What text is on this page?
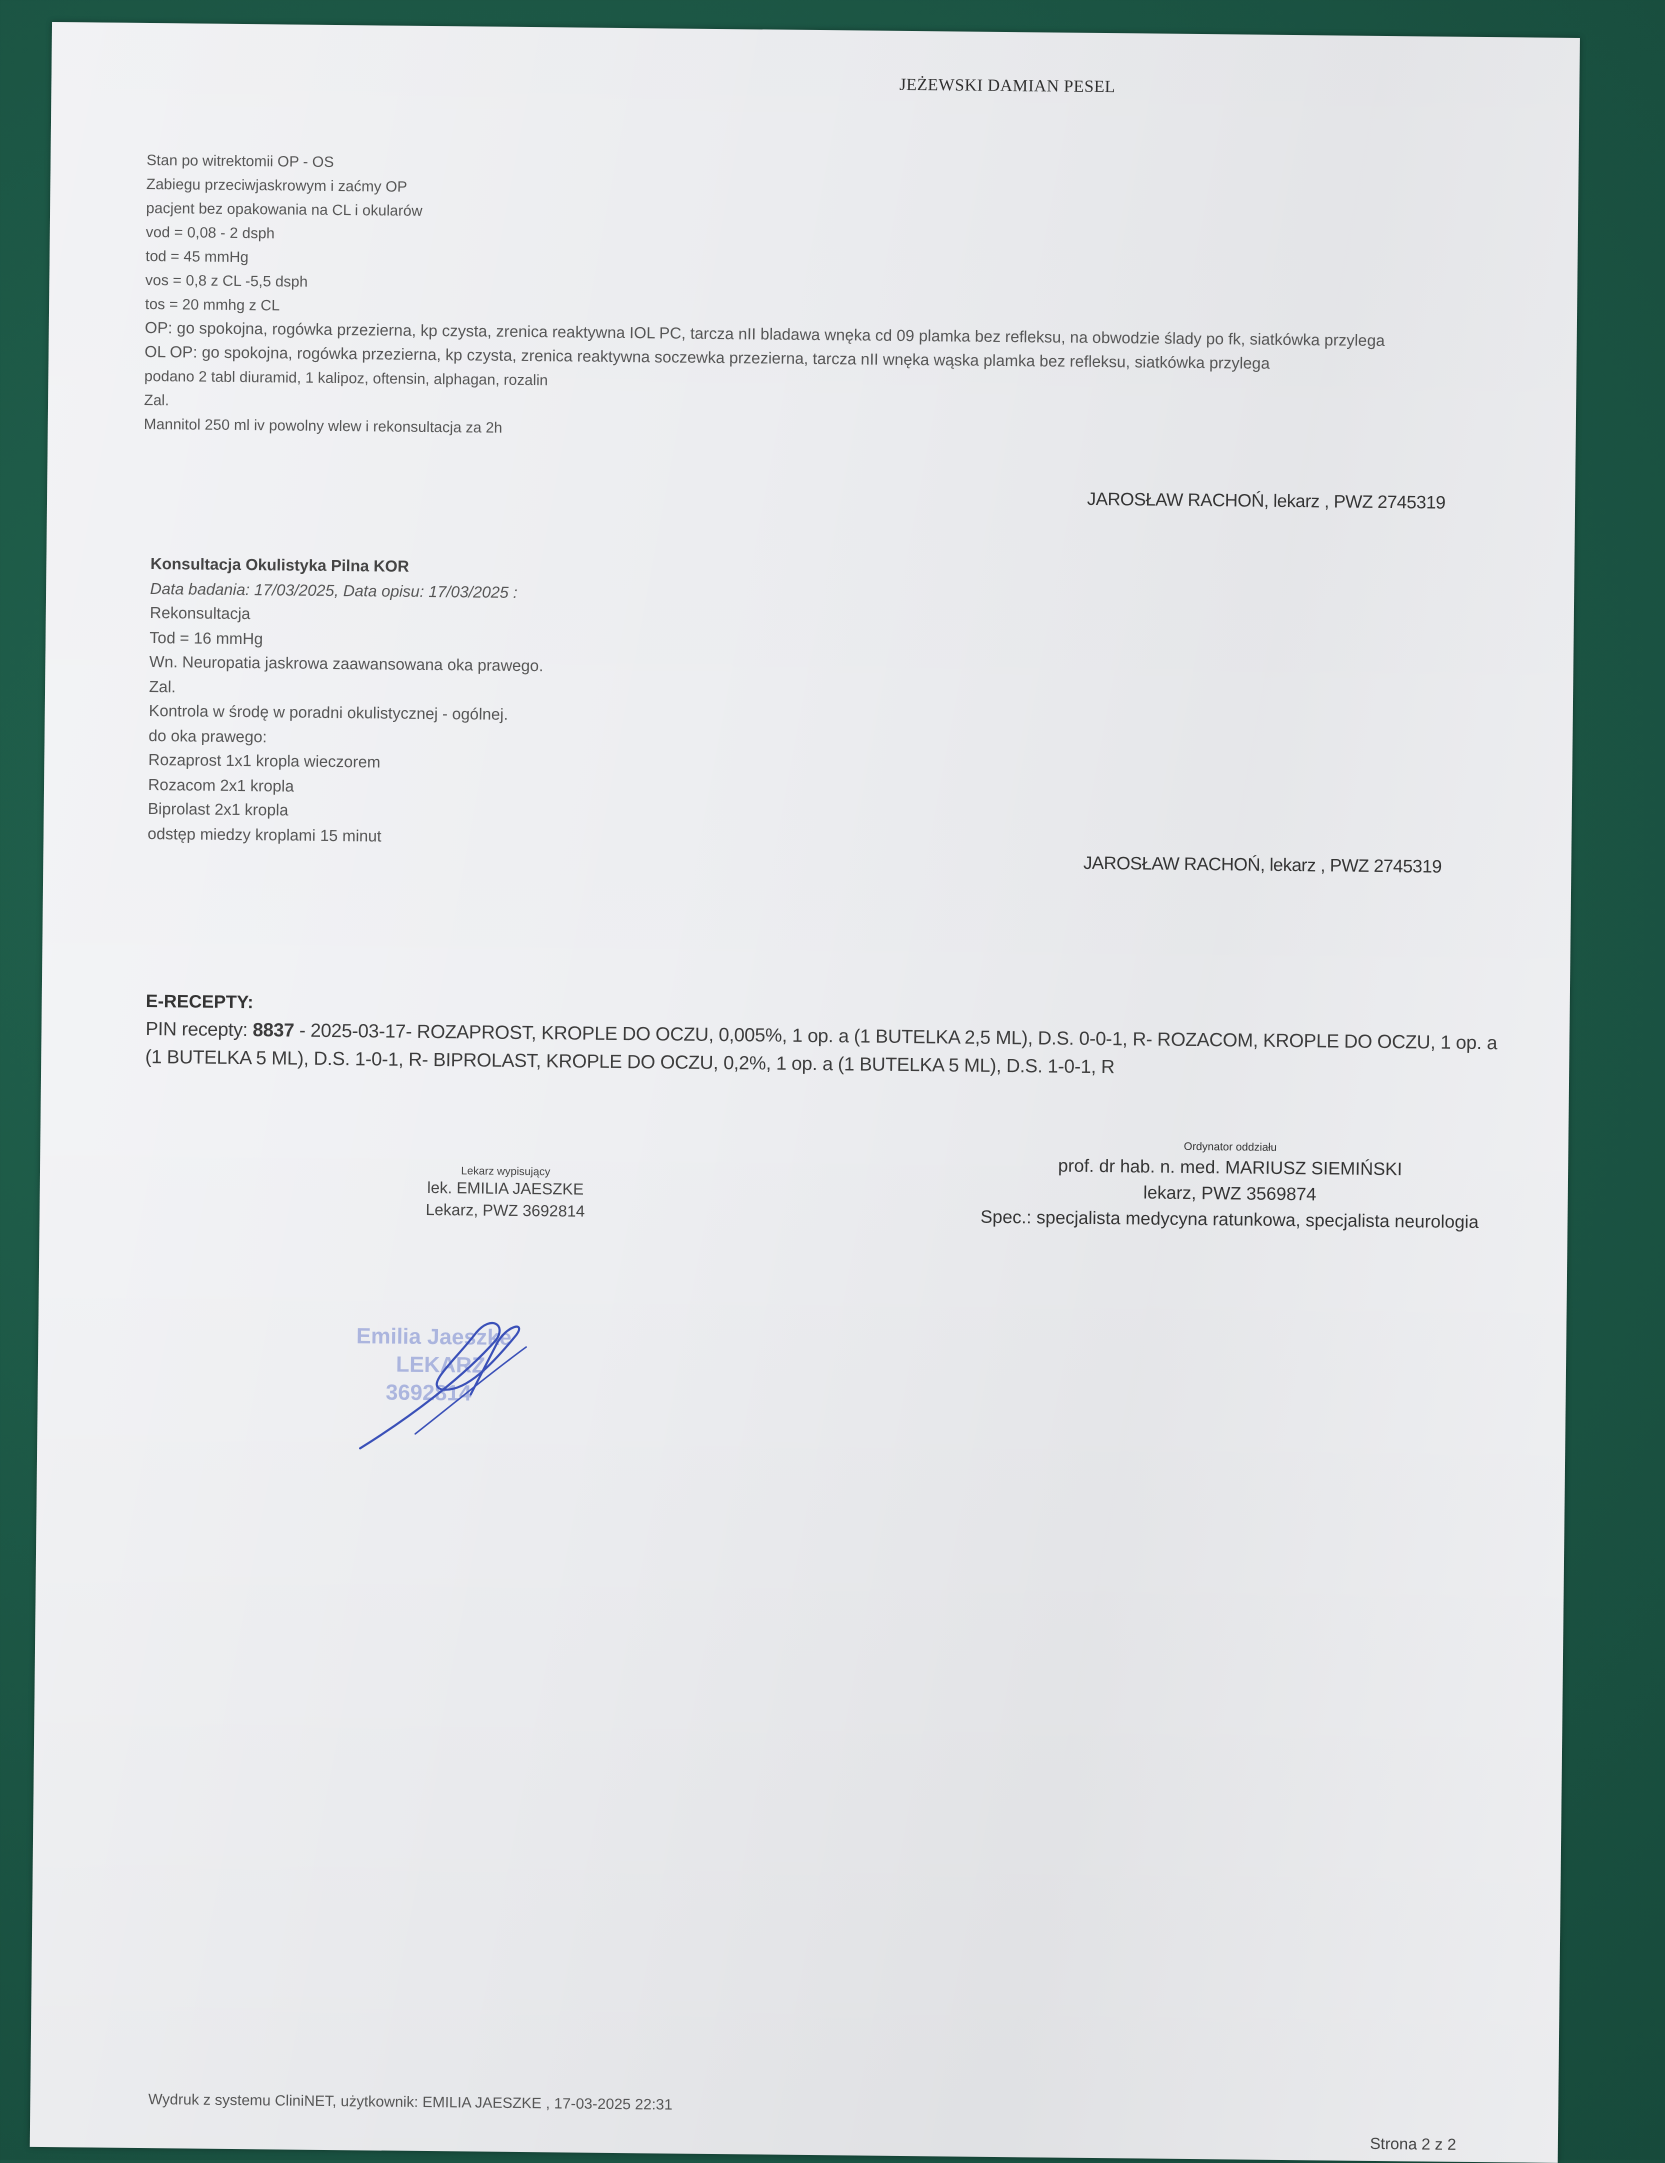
JEŻEWSKI DAMIAN PESEL
Stan po witrektomii OP - OS
Zabiegu przeciwjaskrowym i zaćmy OP
pacjent bez opakowania na CL i okularów
vod = 0,08 - 2 dsph
tod = 45 mmHg
vos = 0,8 z CL -5,5 dsph
tos = 20 mmhg z CL
OP: go spokojna, rogówka przezierna, kp czysta, zrenica reaktywna IOL PC, tarcza nII bladawa wnęka cd 09 plamka bez refleksu, na obwodzie ślady po fk, siatkówka przylega
OL OP: go spokojna, rogówka przezierna, kp czysta, zrenica reaktywna soczewka przezierna, tarcza nII wnęka wąska plamka bez refleksu, siatkówka przylega
podano 2 tabl diuramid, 1 kalipoz, oftensin, alphagan, rozalin
Zal.
Mannitol 250 ml iv powolny wlew i rekonsultacja za 2h
JAROSŁAW RACHOŃ, lekarz , PWZ 2745319
Konsultacja Okulistyka Pilna KOR
Data badania: 17/03/2025, Data opisu: 17/03/2025 :
Rekonsultacja
Tod = 16 mmHg
Wn. Neuropatia jaskrowa zaawansowana oka prawego.
Zal.
Kontrola w środę w poradni okulistycznej - ogólnej.
do oka prawego:
Rozaprost 1x1 kropla wieczorem
Rozacom 2x1 kropla
Biprolast 2x1 kropla
odstęp miedzy kroplami 15 minut
JAROSŁAW RACHOŃ, lekarz , PWZ 2745319
E-RECEPTY:
PIN recepty: 8837 - 2025-03-17- ROZAPROST, KROPLE DO OCZU, 0,005%, 1 op. a (1 BUTELKA 2,5 ML), D.S. 0-0-1, R- ROZACOM, KROPLE DO OCZU, 1 op. a (1 BUTELKA 5 ML), D.S. 1-0-1, R- BIPROLAST, KROPLE DO OCZU, 0,2%, 1 op. a (1 BUTELKA 5 ML), D.S. 1-0-1, R
Lekarz wypisujący
lek. EMILIA JAESZKE
Lekarz, PWZ 3692814
Ordynator oddziału
prof. dr hab. n. med. MARIUSZ SIEMIŃSKI
lekarz, PWZ 3569874
Spec.: specjalista medycyna ratunkowa, specjalista neurologia
Emilia Jaeszke
LEKARZ
3692814
Wydruk z systemu CliniNET, użytkownik: EMILIA JAESZKE , 17-03-2025 22:31
Strona 2 z 2
